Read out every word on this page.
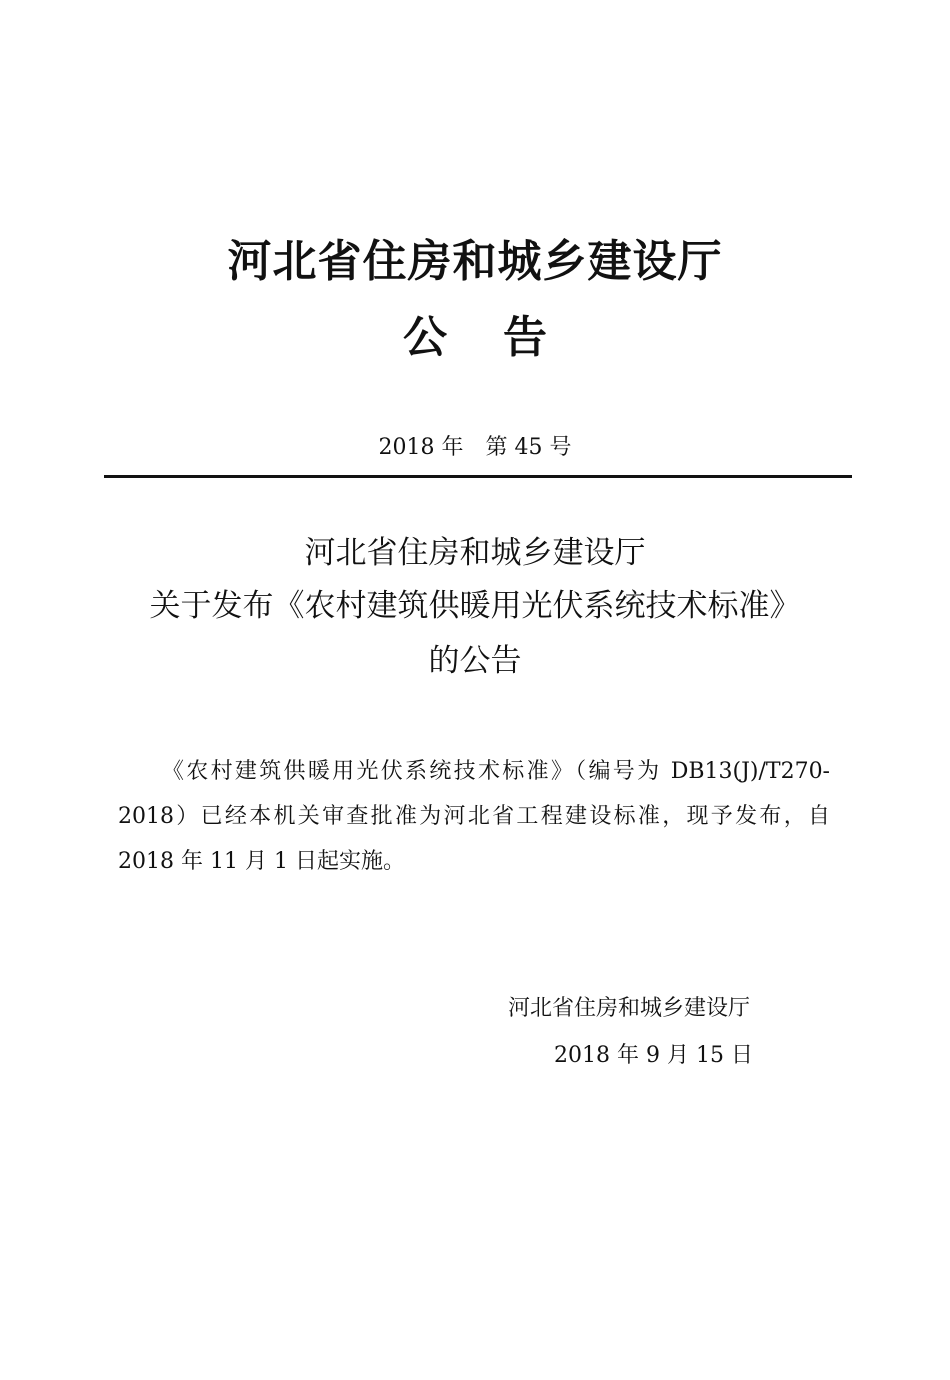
河北省住房和城乡建设厅
公 告
2018 年 第 45 号
河北省住房和城乡建设厅
关于发布《农村建筑供暖用光伏系统技术标准》
的公告

《农村建筑供暖用光伏系统技术标准》（编号为 DB13(J)/T270-2018）已经本机关审查批准为河北省工程建设标准，现予发布，自 2018 年 11 月 1 日起实施。

河北省住房和城乡建设厅
2018 年 9 月 15 日
